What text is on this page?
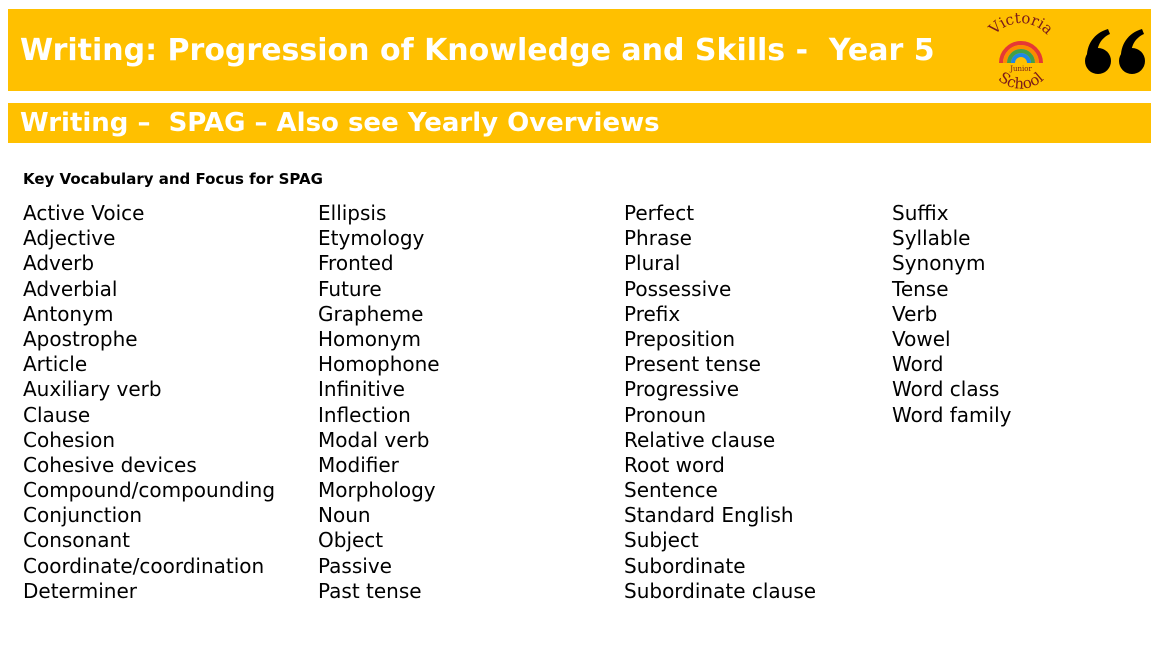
Writing: Progression of Knowledge and Skills -  Year 5
Victoria
Junior
School
Writing –  SPAG – Also see Yearly Overviews
Key Vocabulary and Focus for SPAG
Active Voice
Adjective
Adverb
Adverbial
Antonym
Apostrophe
Article
Auxiliary verb
Clause
Cohesion
Cohesive devices
Compound/compounding
Conjunction
Consonant
Coordinate/coordination
Determiner
Ellipsis
Etymology
Fronted
Future
Grapheme
Homonym
Homophone
Infinitive
Inflection
Modal verb
Modifier
Morphology
Noun
Object
Passive
Past tense
Perfect
Phrase
Plural
Possessive
Prefix
Preposition
Present tense
Progressive
Pronoun
Relative clause
Root word
Sentence
Standard English
Subject
Subordinate
Subordinate clause
Suffix
Syllable
Synonym
Tense
Verb
Vowel
Word
Word class
Word family
